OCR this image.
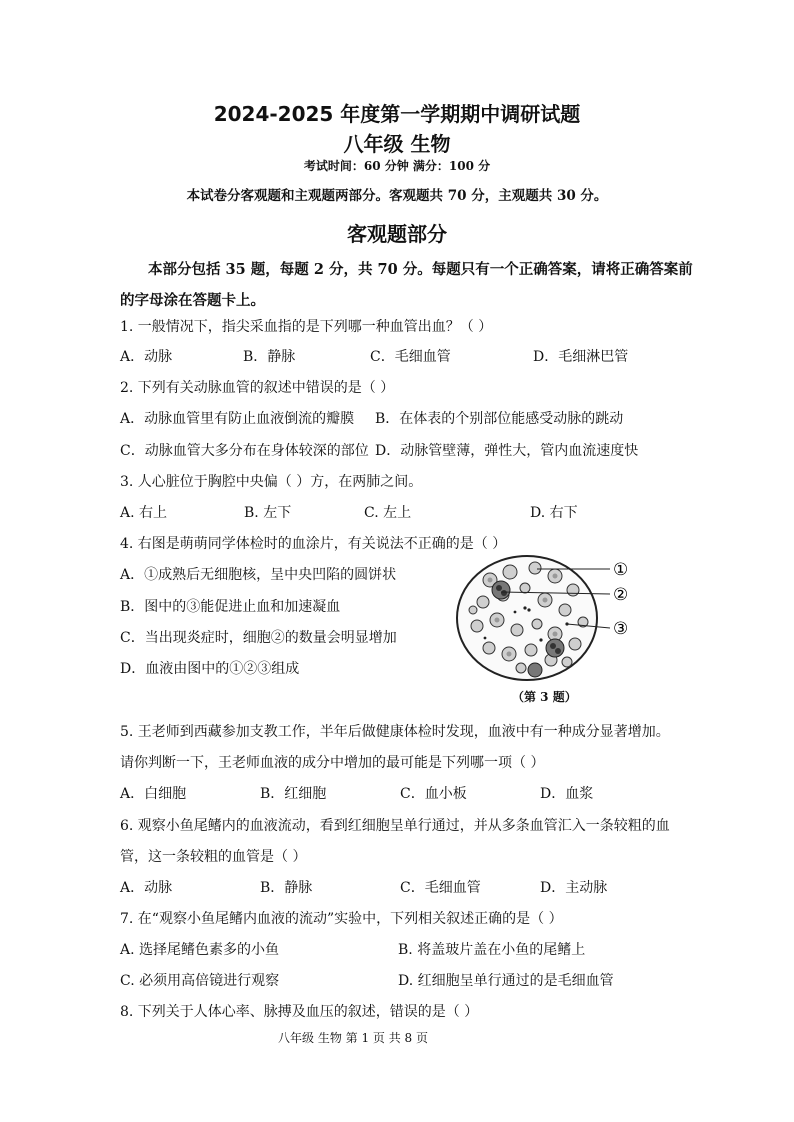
2024-2025 年度第一学期期中调研试题
八年级 生物
考试时间：60 分钟 满分：100 分
本试卷分客观题和主观题两部分。客观题共 70 分，主观题共 30 分。
客观题部分
本部分包括 35 题，每题 2 分，共 70 分。每题只有一个正确答案，请将正确答案前
的字母涂在答题卡上。
1. 一般情况下，指尖采血指的是下列哪一种血管出血？（ ）
A．动脉	B．静脉	C．毛细血管	D．毛细淋巴管
2. 下列有关动脉血管的叙述中错误的是（ ）
A．动脉血管里有防止血液倒流的瓣膜 B．在体表的个别部位能感受动脉的跳动
C．动脉血管大多分布在身体较深的部位 D．动脉管壁薄，弹性大，管内血流速度快
3. 人心脏位于胸腔中央偏（ ）方，在两肺之间。
A. 右上	B. 左下	C. 左上	D. 右下
4. 右图是萌萌同学体检时的血涂片，有关说法不正确的是（ ）
A．①成熟后无细胞核，呈中央凹陷的圆饼状
B．图中的③能促进止血和加速凝血
C．当出现炎症时，细胞②的数量会明显增加
D．血液由图中的①②③组成
①
②
③
（第 3 题）
5. 王老师到西藏参加支教工作，半年后做健康体检时发现，血液中有一种成分显著增加。
请你判断一下，王老师血液的成分中增加的最可能是下列哪一项（ ）
A．白细胞	B．红细胞	C．血小板	D．血浆
6. 观察小鱼尾鳍内的血液流动，看到红细胞呈单行通过，并从多条血管汇入一条较粗的血
管，这一条较粗的血管是（ ）
A．动脉	B．静脉	C．毛细血管	D．主动脉
7. 在“观察小鱼尾鳍内血液的流动”实验中，下列相关叙述正确的是（ ）
A. 选择尾鳍色素多的小鱼	B. 将盖玻片盖在小鱼的尾鳍上
C. 必须用高倍镜进行观察	D. 红细胞呈单行通过的是毛细血管
8. 下列关于人体心率、脉搏及血压的叙述，错误的是（ ）
八年级 生物 第 1 页 共 8 页
